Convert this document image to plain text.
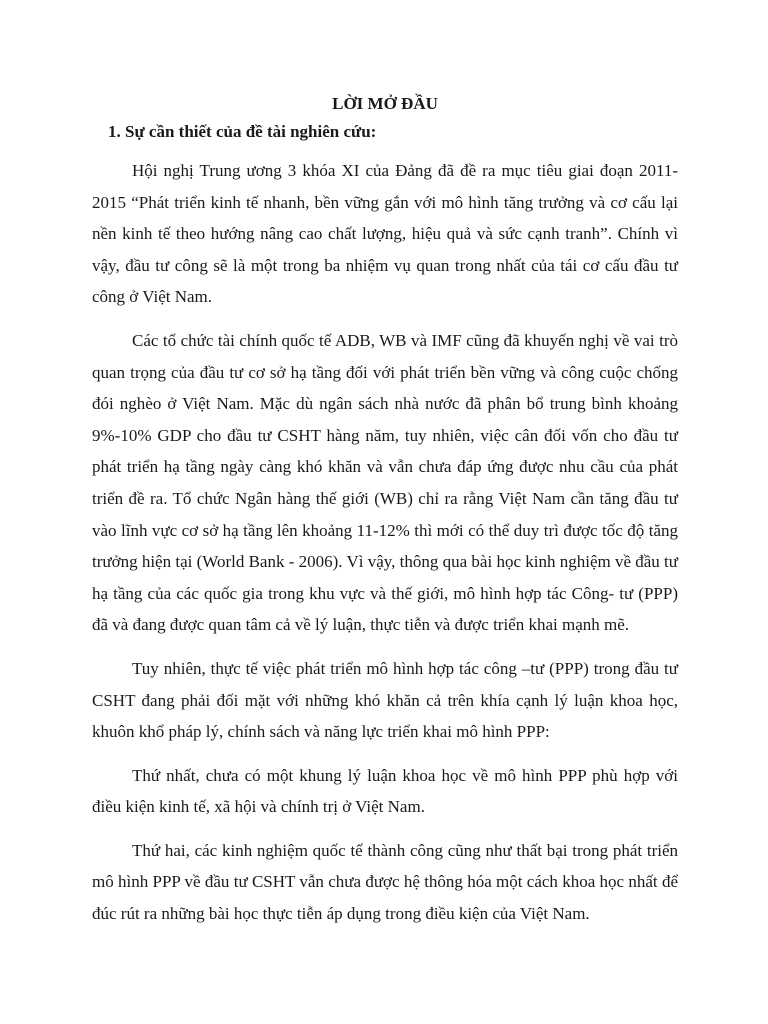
LỜI MỞ ĐẦU

1. Sự cần thiết của đề tài nghiên cứu:

Hội nghị Trung ương 3 khóa XI của Đảng đã đề ra mục tiêu giai đoạn 2011-2015 “Phát triển kinh tế nhanh, bền vững gắn với mô hình tăng trưởng và cơ cấu lại nền kinh tế theo hướng nâng cao chất lượng, hiệu quả và sức cạnh tranh”. Chính vì vậy, đầu tư công sẽ là một trong ba nhiệm vụ quan trong nhất của tái cơ cấu đầu tư công ở Việt Nam.

Các tổ chức tài chính quốc tế ADB, WB và IMF cũng đã khuyến nghị về vai trò quan trọng của đầu tư cơ sở hạ tầng đối với phát triển bền vững và công cuộc chống đói nghèo ở Việt Nam. Mặc dù ngân sách nhà nước đã phân bổ trung bình khoảng 9%-10% GDP cho đầu tư CSHT hàng năm, tuy nhiên, việc cân đối vốn cho đầu tư phát triển hạ tầng ngày càng khó khăn và vẫn chưa đáp ứng được nhu cầu của phát triển đề ra. Tổ chức Ngân hàng thế giới (WB) chỉ ra rằng Việt Nam cần tăng đầu tư vào lĩnh vực cơ sở hạ tầng lên khoảng 11-12% thì mới có thể duy trì được tốc độ tăng trưởng hiện tại (World Bank - 2006). Vì vậy, thông qua bài học kinh nghiệm về đầu tư hạ tầng của các quốc gia trong khu vực và thế giới, mô hình hợp tác Công- tư (PPP) đã và đang được quan tâm cả về lý luận, thực tiễn và được triển khai mạnh mẽ.

Tuy nhiên, thực tế việc phát triển mô hình hợp tác công –tư (PPP) trong đầu tư CSHT đang phải đối mặt với những khó khăn cả trên khía cạnh lý luận khoa học, khuôn khổ pháp lý, chính sách và năng lực triển khai mô hình PPP:

Thứ nhất, chưa có một khung lý luận khoa học về mô hình PPP phù hợp với điều kiện kinh tế, xã hội và chính trị ở Việt Nam.

Thứ hai, các kinh nghiệm quốc tế thành công cũng như thất bại trong phát triển mô hình PPP về đầu tư CSHT vẫn chưa được hệ thông hóa một cách khoa học nhất để đúc rút ra những bài học thực tiễn áp dụng trong điều kiện của Việt Nam.
